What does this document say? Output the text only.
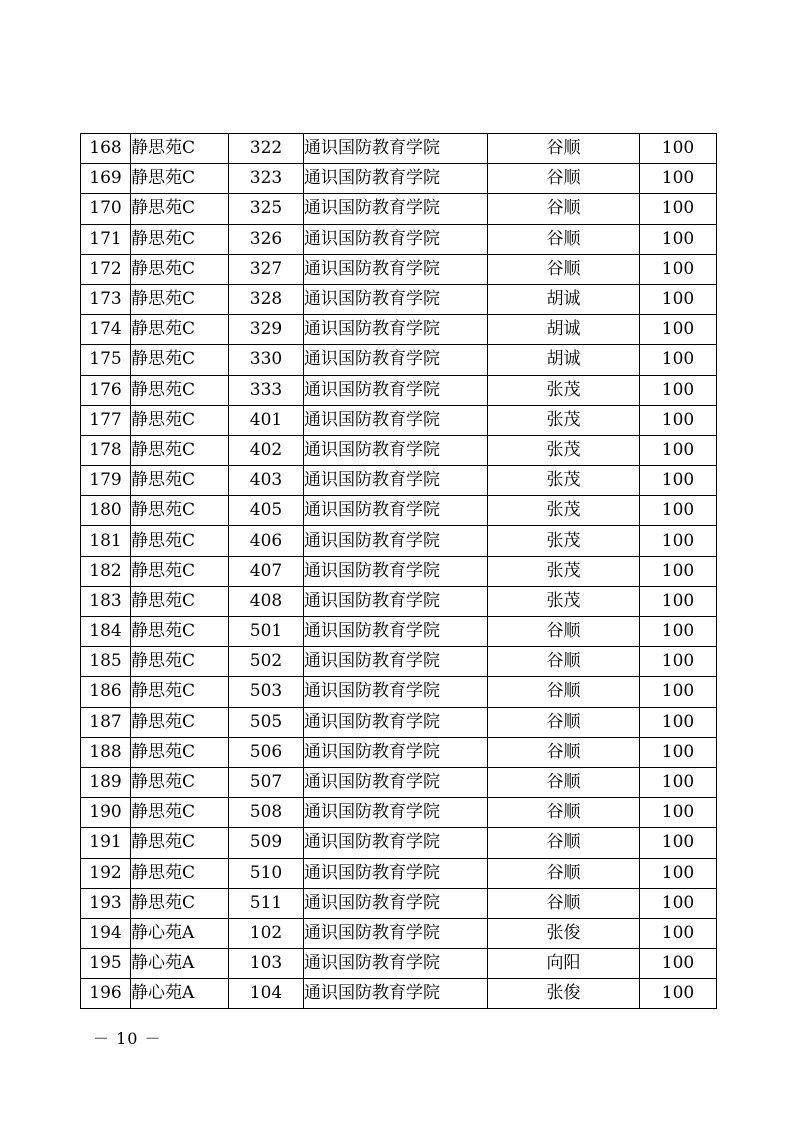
168	静思苑C	322	通识国防教育学院	谷顺	100
169	静思苑C	323	通识国防教育学院	谷顺	100
170	静思苑C	325	通识国防教育学院	谷顺	100
171	静思苑C	326	通识国防教育学院	谷顺	100
172	静思苑C	327	通识国防教育学院	谷顺	100
173	静思苑C	328	通识国防教育学院	胡诚	100
174	静思苑C	329	通识国防教育学院	胡诚	100
175	静思苑C	330	通识国防教育学院	胡诚	100
176	静思苑C	333	通识国防教育学院	张茂	100
177	静思苑C	401	通识国防教育学院	张茂	100
178	静思苑C	402	通识国防教育学院	张茂	100
179	静思苑C	403	通识国防教育学院	张茂	100
180	静思苑C	405	通识国防教育学院	张茂	100
181	静思苑C	406	通识国防教育学院	张茂	100
182	静思苑C	407	通识国防教育学院	张茂	100
183	静思苑C	408	通识国防教育学院	张茂	100
184	静思苑C	501	通识国防教育学院	谷顺	100
185	静思苑C	502	通识国防教育学院	谷顺	100
186	静思苑C	503	通识国防教育学院	谷顺	100
187	静思苑C	505	通识国防教育学院	谷顺	100
188	静思苑C	506	通识国防教育学院	谷顺	100
189	静思苑C	507	通识国防教育学院	谷顺	100
190	静思苑C	508	通识国防教育学院	谷顺	100
191	静思苑C	509	通识国防教育学院	谷顺	100
192	静思苑C	510	通识国防教育学院	谷顺	100
193	静思苑C	511	通识国防教育学院	谷顺	100
194	静心苑A	102	通识国防教育学院	张俊	100
195	静心苑A	103	通识国防教育学院	向阳	100
196	静心苑A	104	通识国防教育学院	张俊	100
－ 10 －
